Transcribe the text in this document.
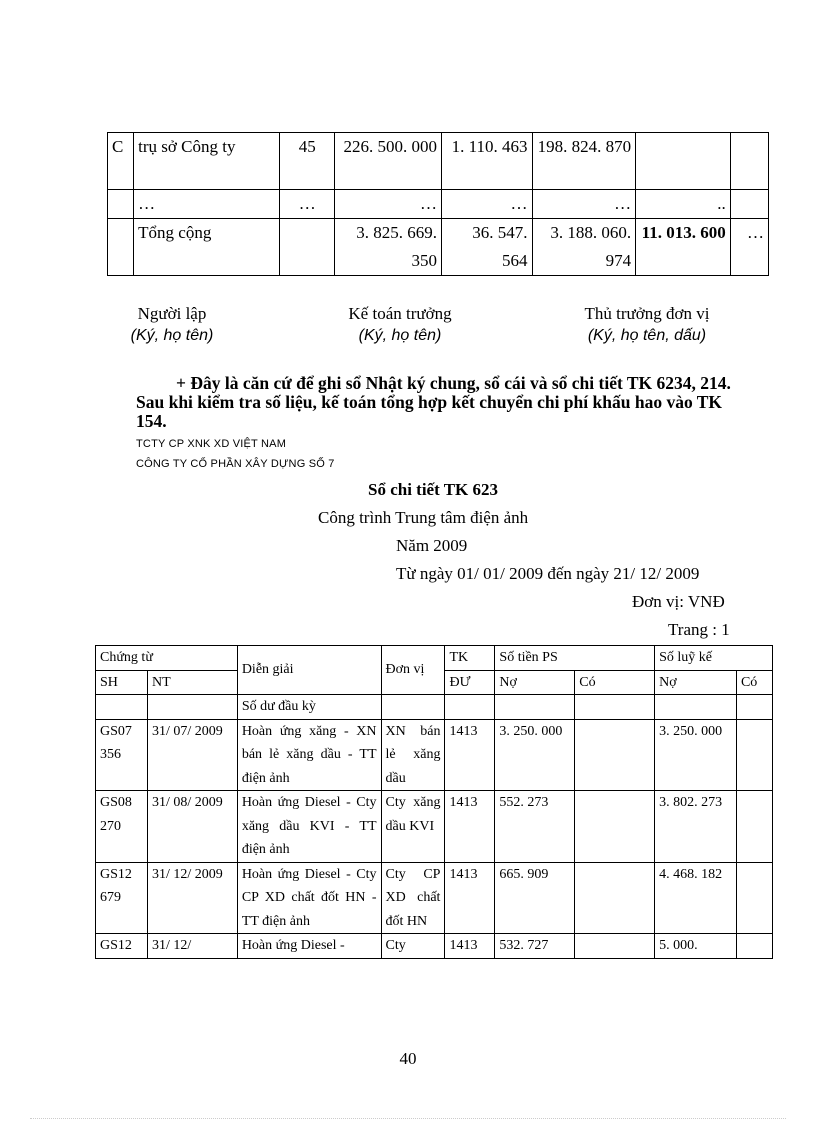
C	trụ sở Công ty	45	226. 500. 000	1. 110. 463	198. 824. 870		
	…	…	…	…	…	..	
	Tổng cộng		3. 825. 669. 350	36. 547. 564	3. 188. 060. 974	11. 013. 600	…
Người lập
(Ký, họ tên)
Kế toán trưởng
(Ký, họ tên)
Thủ trưởng đơn vị
(Ký, họ tên, dấu)
+ Đây là căn cứ để ghi sổ Nhật ký chung, sổ cái và sổ chi tiết TK 6234, 214. Sau khi kiểm tra số liệu, kế toán tổng hợp kết chuyển chi phí khấu hao vào TK 154.
TCTY CP XNK XD VIỆT NAM
CÔNG TY CỔ PHẦN XÂY DỰNG SỐ 7
Sổ chi tiết TK 623
Công trình Trung tâm điện ảnh
Năm 2009
Từ ngày 01/ 01/ 2009 đến ngày 21/ 12/ 2009
Đơn vị: VNĐ
Trang : 1
Chứng từ		Diễn giải	Đơn vị	TK	Số tiền PS		Số luỹ kế	
SH	NT			ĐƯ	Nợ	Có	Nợ	Có
		Số dư đầu kỳ						
GS07 356	31/ 07/ 2009	Hoàn ứng xăng - XN bán lẻ xăng dầu - TT điện ảnh	XN bán lẻ xăng dầu	1413	3. 250. 000		3. 250. 000	
GS08 270	31/ 08/ 2009	Hoàn ứng Diesel - Cty xăng dầu KVI - TT điện ảnh	Cty xăng dầu KVI	1413	552. 273		3. 802. 273	
GS12 679	31/ 12/ 2009	Hoàn ứng Diesel - Cty CP XD chất đốt HN - TT điện ảnh	Cty CP XD chất đốt HN	1413	665. 909		4. 468. 182	
GS12	31/ 12/	Hoàn ứng Diesel -	Cty	1413	532. 727		5. 000.	
40
